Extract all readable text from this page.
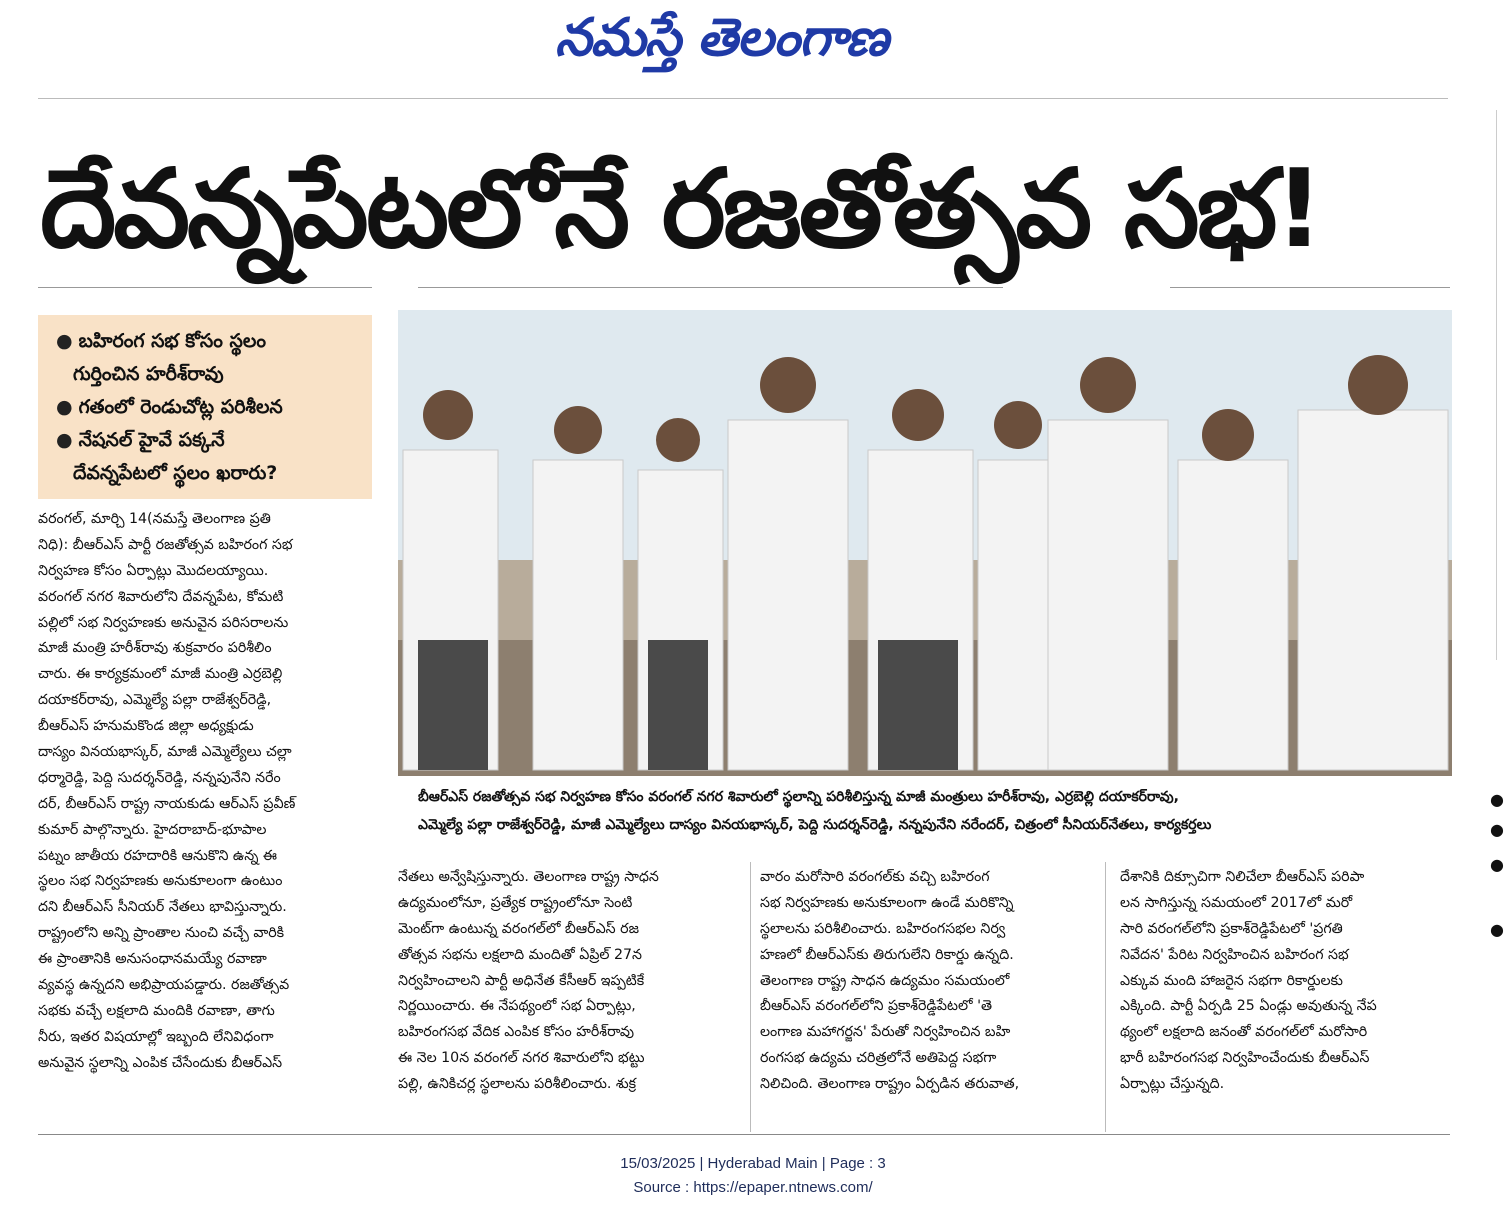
నమస్తే తెలంగాణ
దేవన్నపేటలోనే రజతోత్సవ సభ!
● బహిరంగ సభ కోసం స్థలం
గుర్తించిన హరీశ్‌రావు
● గతంలో రెండుచోట్ల పరిశీలన
● నేషనల్ హైవే పక్కనే
దేవన్నపేటలో స్థలం ఖరారు?
వరంగల్, మార్చి 14(నమస్తే తెలంగాణ ప్రతి
నిధి): బీఆర్‌ఎస్ పార్టీ రజతోత్సవ బహిరంగ సభ
నిర్వహణ కోసం ఏర్పాట్లు మొదలయ్యాయి.
వరంగల్ నగర శివారులోని దేవన్నపేట, కోమటి
పల్లిలో సభ నిర్వహణకు అనువైన పరిసరాలను
మాజీ మంత్రి హరీశ్‌రావు శుక్రవారం పరిశీలిం
చారు. ఈ కార్యక్రమంలో మాజీ మంత్రి ఎర్రబెల్లి
దయాకర్‌రావు, ఎమ్మెల్యే పల్లా రాజేశ్వర్‌రెడ్డి,
బీఆర్‌ఎస్ హనుమకొండ జిల్లా అధ్యక్షుడు
దాస్యం వినయభాస్కర్, మాజీ ఎమ్మెల్యేలు చల్లా
ధర్మారెడ్డి, పెద్ది సుదర్శన్‌రెడ్డి, నన్నపునేని నరేం
దర్, బీఆర్‌ఎస్ రాష్ట్ర నాయకుడు ఆర్‌ఎస్ ప్రవీణ్
కుమార్ పాల్గొన్నారు. హైదరాబాద్-భూపాల
పట్నం జాతీయ రహదారికి ఆనుకొని ఉన్న ఈ
స్థలం సభ నిర్వహణకు అనుకూలంగా ఉంటుం
దని బీఆర్‌ఎస్ సీనియర్ నేతలు భావిస్తున్నారు.
రాష్ట్రంలోని అన్ని ప్రాంతాల నుంచి వచ్చే వారికి
ఈ ప్రాంతానికి అనుసంధానమయ్యే రవాణా
వ్యవస్థ ఉన్నదని అభిప్రాయపడ్డారు. రజతోత్సవ
సభకు వచ్చే లక్షలాది మందికి రవాణా, తాగు
నీరు, ఇతర విషయాల్లో ఇబ్బంది లేనివిధంగా
అనువైన స్థలాన్ని ఎంపిక చేసేందుకు బీఆర్‌ఎస్
బీఆర్‌ఎస్ రజతోత్సవ సభ నిర్వహణ కోసం వరంగల్ నగర శివారులో స్థలాన్ని పరిశీలిస్తున్న మాజీ మంత్రులు హరీశ్‌రావు, ఎర్రబెల్లి దయాకర్‌రావు,
ఎమ్మెల్యే పల్లా రాజేశ్వర్‌రెడ్డి, మాజీ ఎమ్మెల్యేలు దాస్యం వినయభాస్కర్, పెద్ది సుదర్శన్‌రెడ్డి, నన్నపునేని నరేందర్, చిత్రంలో సీనియర్‌నేతలు, కార్యకర్తలు
నేతలు అన్వేషిస్తున్నారు. తెలంగాణ రాష్ట్ర సాధన
ఉద్యమంలోనూ, ప్రత్యేక రాష్ట్రంలోనూ సెంటి
మెంట్‌గా ఉంటున్న వరంగల్‌లో బీఆర్‌ఎస్ రజ
తోత్సవ సభను లక్షలాది మందితో ఏప్రిల్ 27న
నిర్వహించాలని పార్టీ అధినేత కేసీఆర్ ఇప్పటికే
నిర్ణయించారు. ఈ నేపథ్యంలో సభ ఏర్పాట్లు,
బహిరంగసభ వేదిక ఎంపిక కోసం హరీశ్‌రావు
ఈ నెల 10న వరంగల్ నగర శివారులోని భట్టు
పల్లి, ఉనికిచర్ల స్థలాలను పరిశీలించారు. శుక్ర
వారం మరోసారి వరంగల్‌కు వచ్చి బహిరంగ
సభ నిర్వహణకు అనుకూలంగా ఉండే మరికొన్ని
స్థలాలను పరిశీలించారు. బహిరంగసభల నిర్వ
హణలో బీఆర్‌ఎస్‌కు తిరుగులేని రికార్డు ఉన్నది.
తెలంగాణ రాష్ట్ర సాధన ఉద్యమం సమయంలో
బీఆర్‌ఎస్ వరంగల్‌లోని ప్రకాశ్‌రెడ్డిపేటలో 'తె
లంగాణ మహాగర్జన' పేరుతో నిర్వహించిన బహి
రంగసభ ఉద్యమ చరిత్రలోనే అతిపెద్ద సభగా
నిలిచింది. తెలంగాణ రాష్ట్రం ఏర్పడిన తరువాత,
దేశానికి దిక్సూచిగా నిలిచేలా బీఆర్‌ఎస్ పరిపా
లన సాగిస్తున్న సమయంలో 2017లో మరో
సారి వరంగల్‌లోని ప్రకాశ్‌రెడ్డిపేటలో 'ప్రగతి
నివేదన' పేరిట నిర్వహించిన బహిరంగ సభ
ఎక్కువ మంది హాజరైన సభగా రికార్డులకు
ఎక్కింది. పార్టీ ఏర్పడి 25 ఏండ్లు అవుతున్న నేప
థ్యంలో లక్షలాది జనంతో వరంగల్‌లో మరోసారి
భారీ బహిరంగసభ నిర్వహించేందుకు బీఆర్‌ఎస్
ఏర్పాట్లు చేస్తున్నది.
15/03/2025 | Hyderabad Main | Page : 3
Source : https://epaper.ntnews.com/
●
●
●
●
